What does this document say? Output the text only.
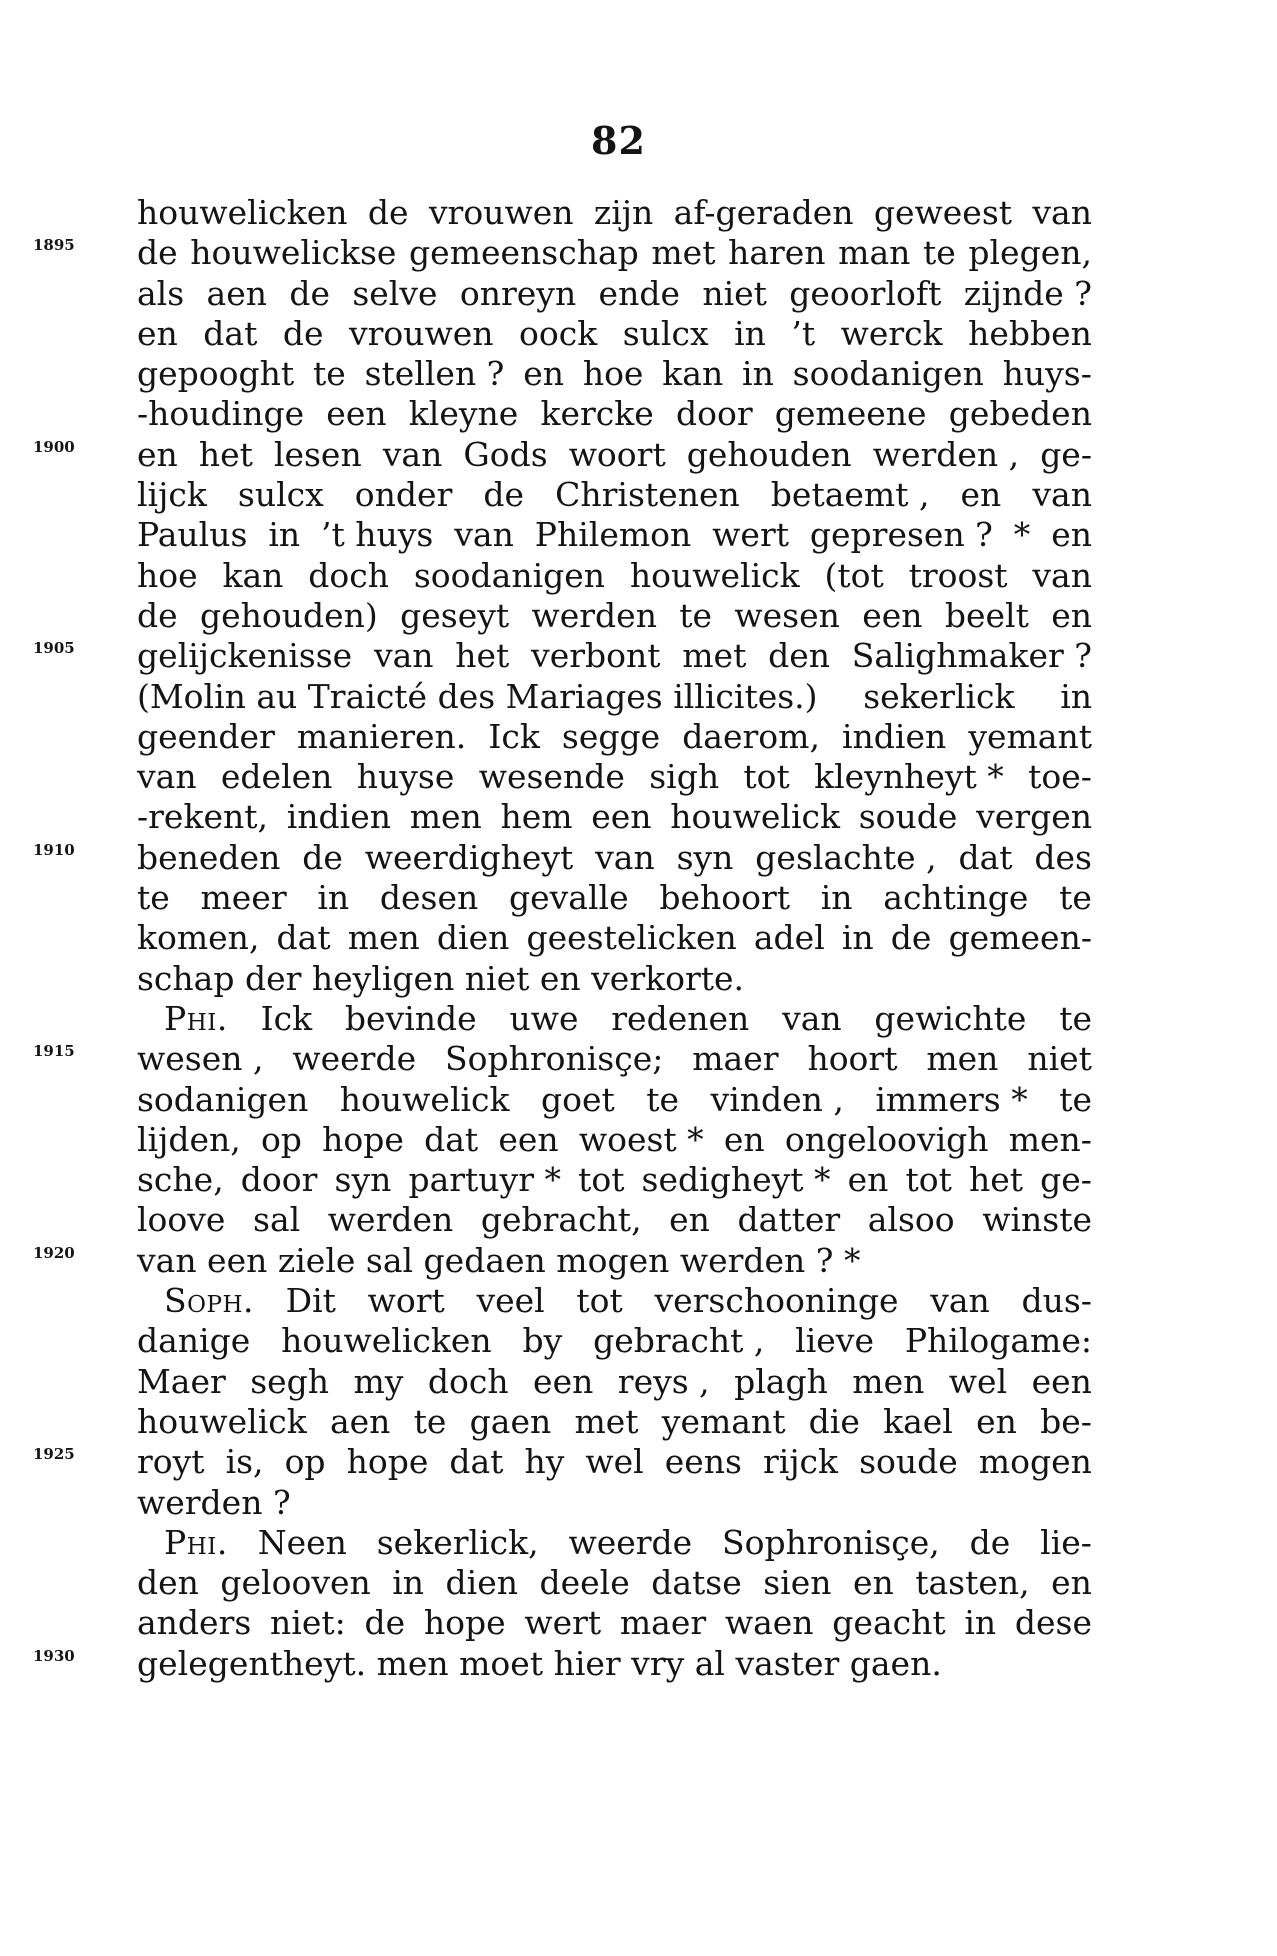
82
houwelicken de vrouwen zijn af-geraden geweest van
1895 de houwelickse gemeenschap met haren man te plegen,
als aen de selve onreyn ende niet geoorloft zijnde ?
en dat de vrouwen oock sulcx in ’t werck hebben
gepooght te stellen ? en hoe kan in soodanigen huys-
-houdinge een kleyne kercke door gemeene gebeden
1900 en het lesen van Gods woort gehouden werden , ge-
lijck sulcx onder de Christenen betaemt , en van
Paulus in ’t huys van Philemon wert gepresen ? * en
hoe kan doch soodanigen houwelick (tot troost van
de gehouden) geseyt werden te wesen een beelt en
1905 gelijckenisse van het verbont met den Salighmaker ?
(Molin au Traicté des Mariages illicites.) sekerlick in
geender manieren. Ick segge daerom, indien yemant
van edelen huyse wesende sigh tot kleynheyt * toe-
-rekent, indien men hem een houwelick soude vergen
1910 beneden de weerdigheyt van syn geslachte , dat des
te meer in desen gevalle behoort in achtinge te
komen, dat men dien geestelicken adel in de gemeen-
schap der heyligen niet en verkorte.
Phi. Ick bevinde uwe redenen van gewichte te
1915 wesen , weerde Sophronisçe; maer hoort men niet
sodanigen houwelick goet te vinden , immers * te
lijden, op hope dat een woest * en ongeloovigh men-
sche, door syn partuyr * tot sedigheyt * en tot het ge-
loove sal werden gebracht, en datter alsoo winste
1920 van een ziele sal gedaen mogen werden ? *
Soph. Dit wort veel tot verschooninge van dus-
danige houwelicken by gebracht , lieve Philogame:
Maer segh my doch een reys , plagh men wel een
houwelick aen te gaen met yemant die kael en be-
1925 royt is, op hope dat hy wel eens rijck soude mogen
werden ?
Phi. Neen sekerlick, weerde Sophronisçe, de lie-
den gelooven in dien deele datse sien en tasten, en
anders niet: de hope wert maer waen geacht in dese
1930 gelegentheyt. men moet hier vry al vaster gaen.
